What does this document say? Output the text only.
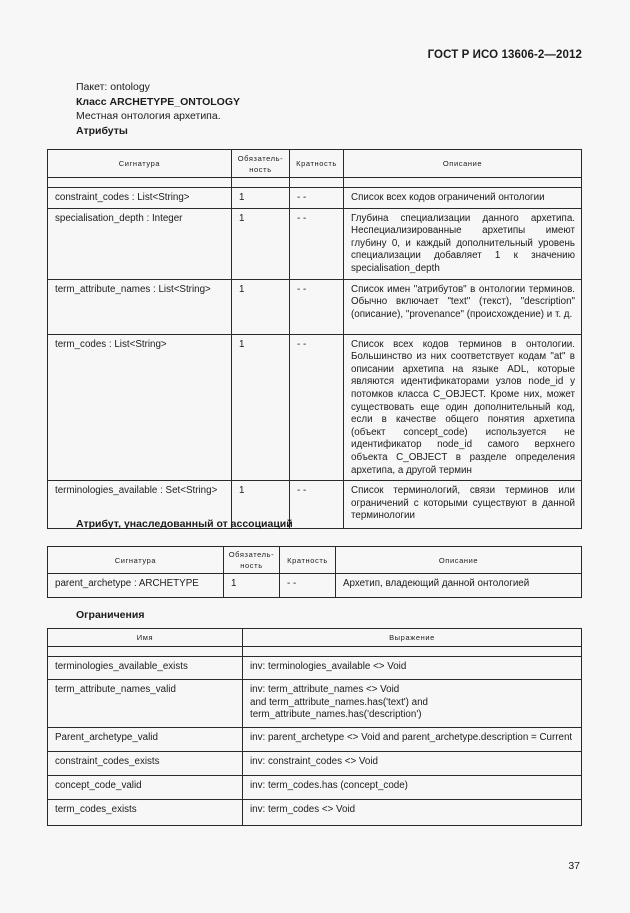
ГОСТ Р ИСО 13606-2—2012
Пакет: ontology
Класс ARCHETYPE_ONTOLOGY
Местная онтология архетипа.
Атрибуты
Сигнатура	Обязатель-
ность	Кратность	Описание

constraint_codes : List<String>	1	- -	Список всех кодов ограничений онтологии

specialisation_depth : Integer	1	- -	Глубина специализации данного архетипа. Неспециализированные архетипы имеют глубину 0, и каждый дополнительный уровень специализации добавляет 1 к значению specialisation_depth

term_attribute_names : List<String>	1	- -	Список имен "атрибутов" в онтологии терминов. Обычно включает "text" (текст), "description" (описание), "provenance" (происхождение) и т. д.

term_codes : List<String>	1	- -	Список всех кодов терминов в онтологии. Большинство из них соответствует кодам "at" в описании архетипа на языке ADL, которые являются идентификаторами узлов node_id у потомков класса C_OBJECT. Кроме них, может существовать еще один дополнительный код, если в качестве общего понятия архетипа (объект concept_code) используется не идентификатор node_id самого верхнего объекта C_OBJECT в разделе определения архетипа, а другой термин

terminologies_available : Set<String>	1	- -	Список терминологий, связи терминов или ограничений с которыми существуют в данной терминологии
Атрибут, унаследованный от ассоциаций
Сигнатура	Обязатель-
ность	Кратность	Описание

parent_archetype : ARCHETYPE	1	- -	Архетип, владеющий данной онтологией
Ограничения
Имя	Выражение

terminologies_available_exists	inv: terminologies_available <> Void

term_attribute_names_valid	inv: term_attribute_names <> Void
and term_attribute_names.has('text') and
term_attribute_names.has('description')

Parent_archetype_valid	inv: parent_archetype <> Void and parent_archetype.description = Current

constraint_codes_exists	inv: constraint_codes <> Void

concept_code_valid	inv: term_codes.has (concept_code)

term_codes_exists	inv: term_codes <> Void
37
